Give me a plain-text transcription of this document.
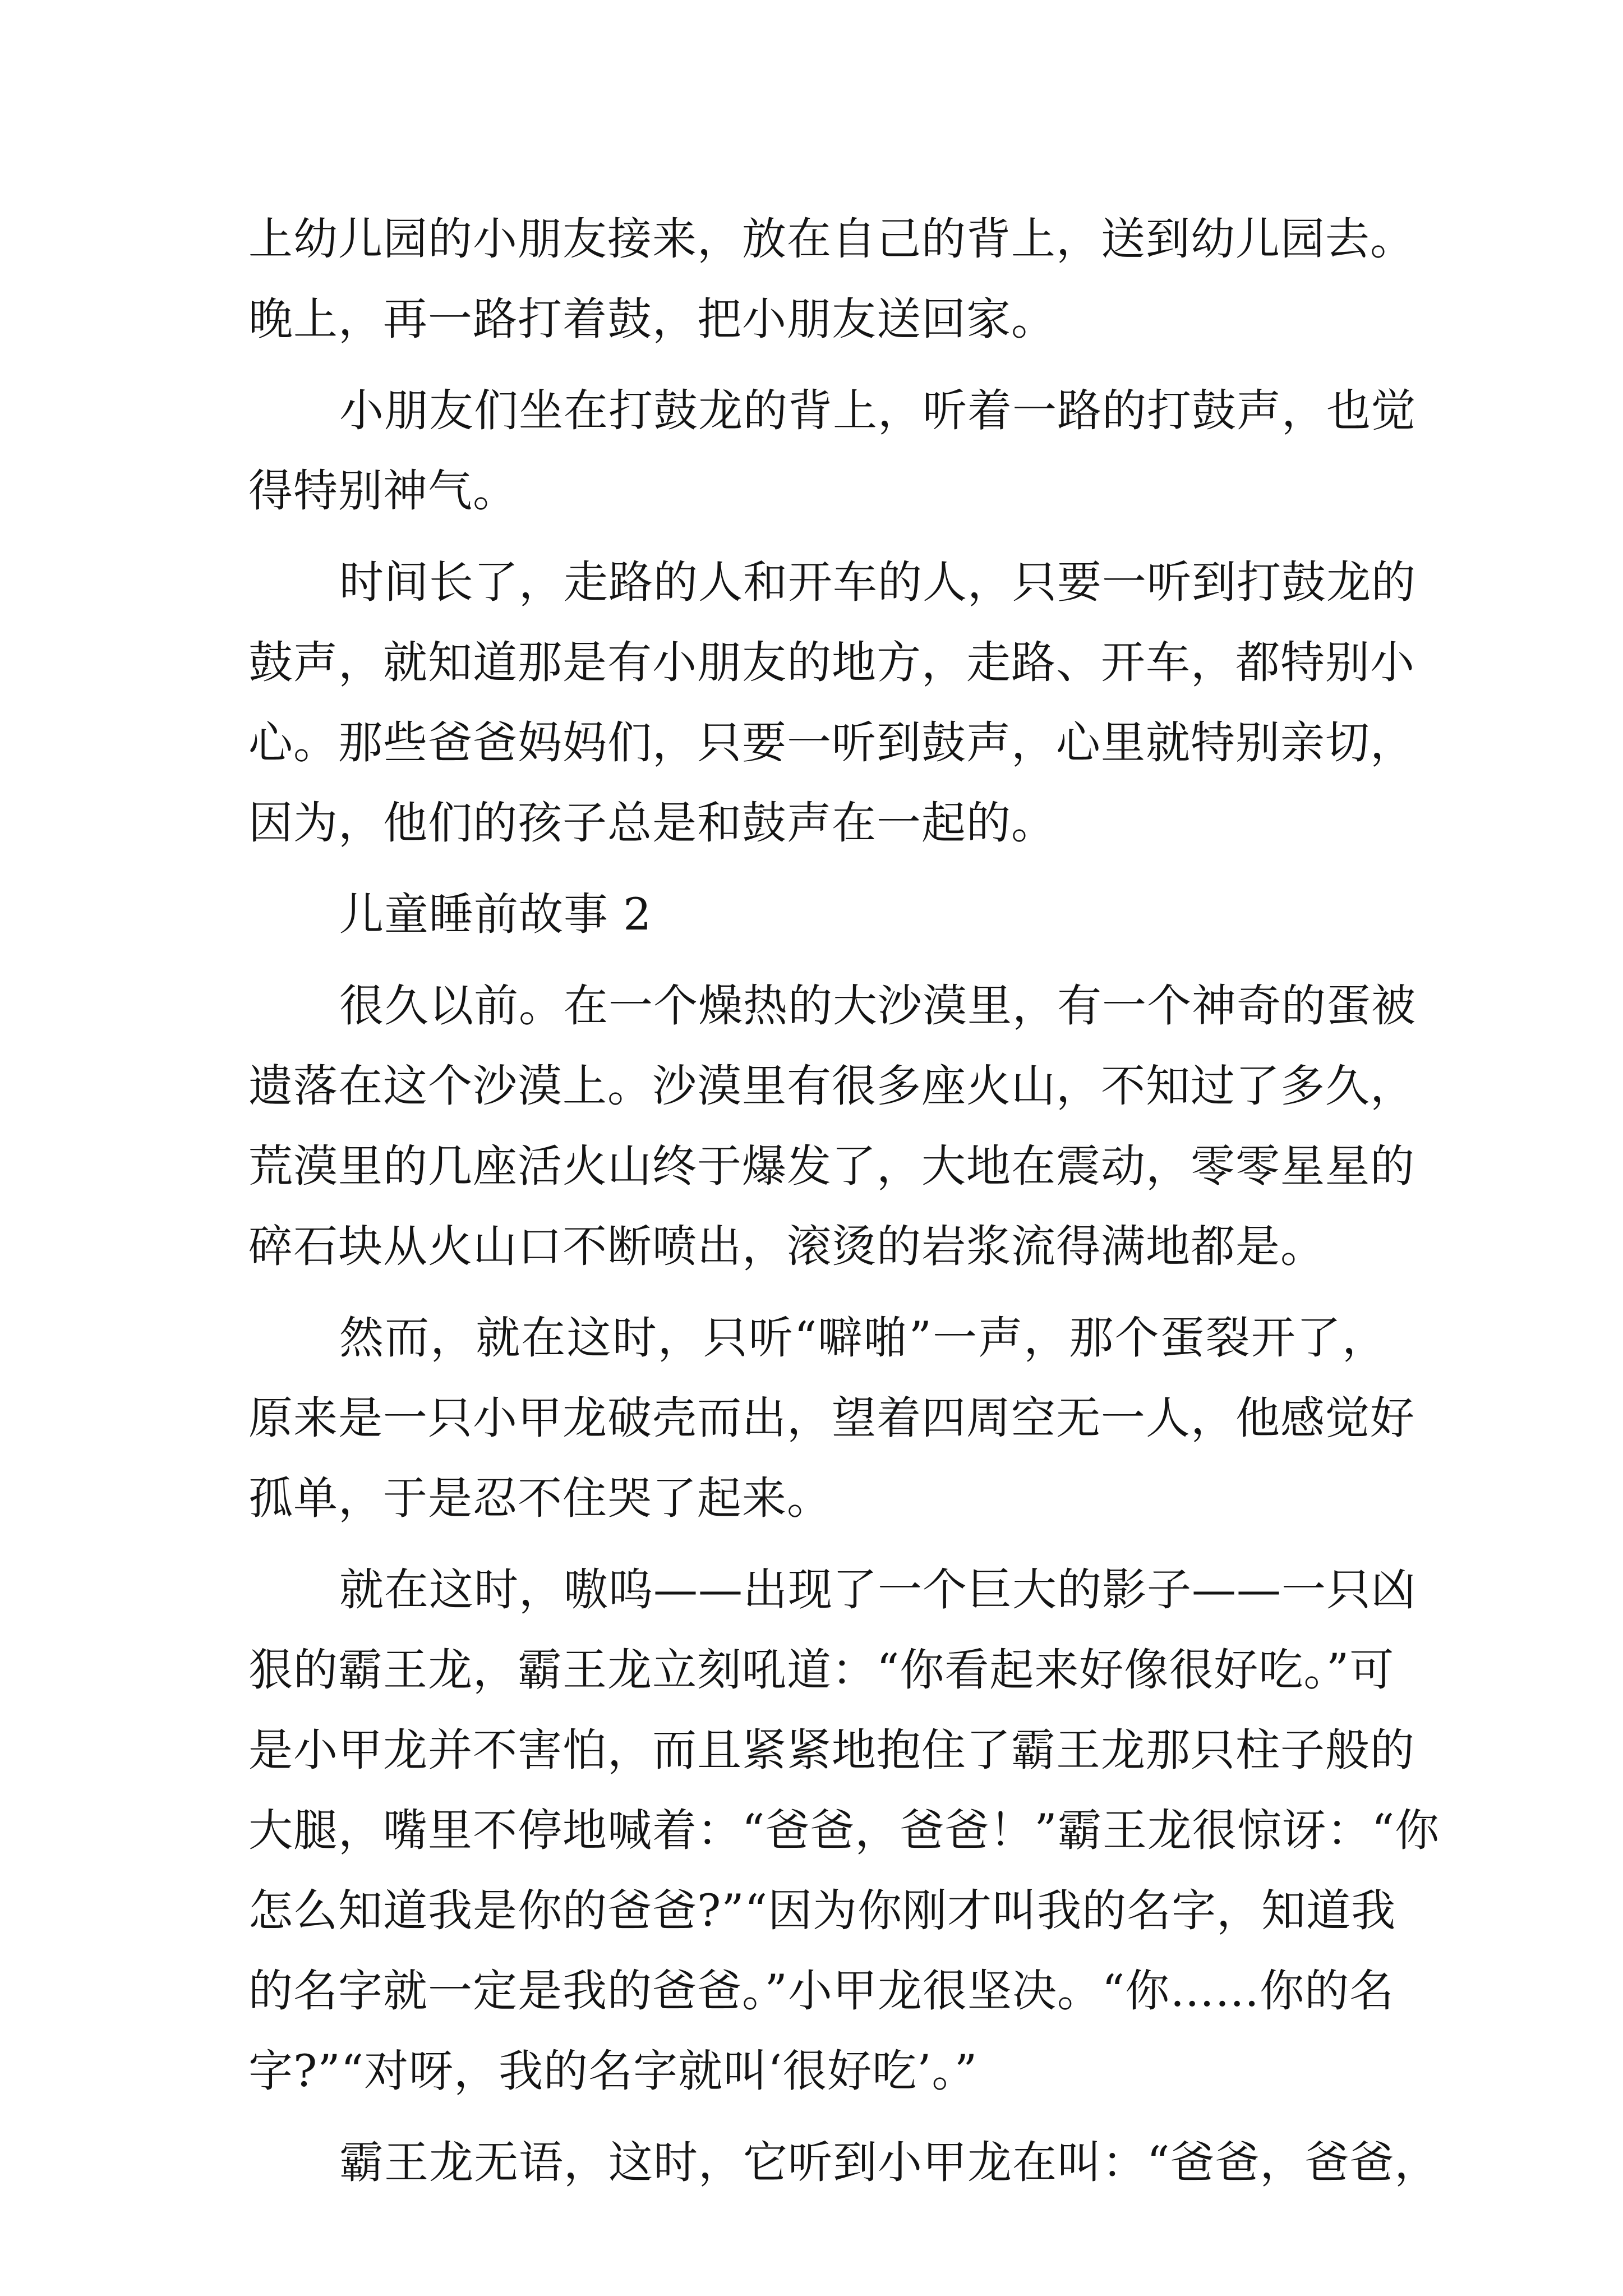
上幼儿园的小朋友接来，放在自己的背上，送到幼儿园去。
晚上，再一路打着鼓，把小朋友送回家。
小朋友们坐在打鼓龙的背上，听着一路的打鼓声，也觉
得特别神气。
时间长了，走路的人和开车的人，只要一听到打鼓龙的
鼓声，就知道那是有小朋友的地方，走路、开车，都特别小
心。那些爸爸妈妈们，只要一听到鼓声，心里就特别亲切，
因为，他们的孩子总是和鼓声在一起的。
儿童睡前故事 2
很久以前。在一个燥热的大沙漠里，有一个神奇的蛋被
遗落在这个沙漠上。沙漠里有很多座火山，不知过了多久，
荒漠里的几座活火山终于爆发了，大地在震动，零零星星的
碎石块从火山口不断喷出，滚烫的岩浆流得满地都是。
然而，就在这时，只听“噼啪”一声，那个蛋裂开了，
原来是一只小甲龙破壳而出，望着四周空无一人，他感觉好
孤单，于是忍不住哭了起来。
就在这时，嗷呜——出现了一个巨大的影子——一只凶
狠的霸王龙，霸王龙立刻吼道：“你看起来好像很好吃。”可
是小甲龙并不害怕，而且紧紧地抱住了霸王龙那只柱子般的
大腿，嘴里不停地喊着：“爸爸，爸爸！”霸王龙很惊讶：“你
怎么知道我是你的爸爸?”“因为你刚才叫我的名字，知道我
的名字就一定是我的爸爸。”小甲龙很坚决。“你……你的名
字?”“对呀，我的名字就叫‘很好吃’。”
霸王龙无语，这时，它听到小甲龙在叫：“爸爸，爸爸，
